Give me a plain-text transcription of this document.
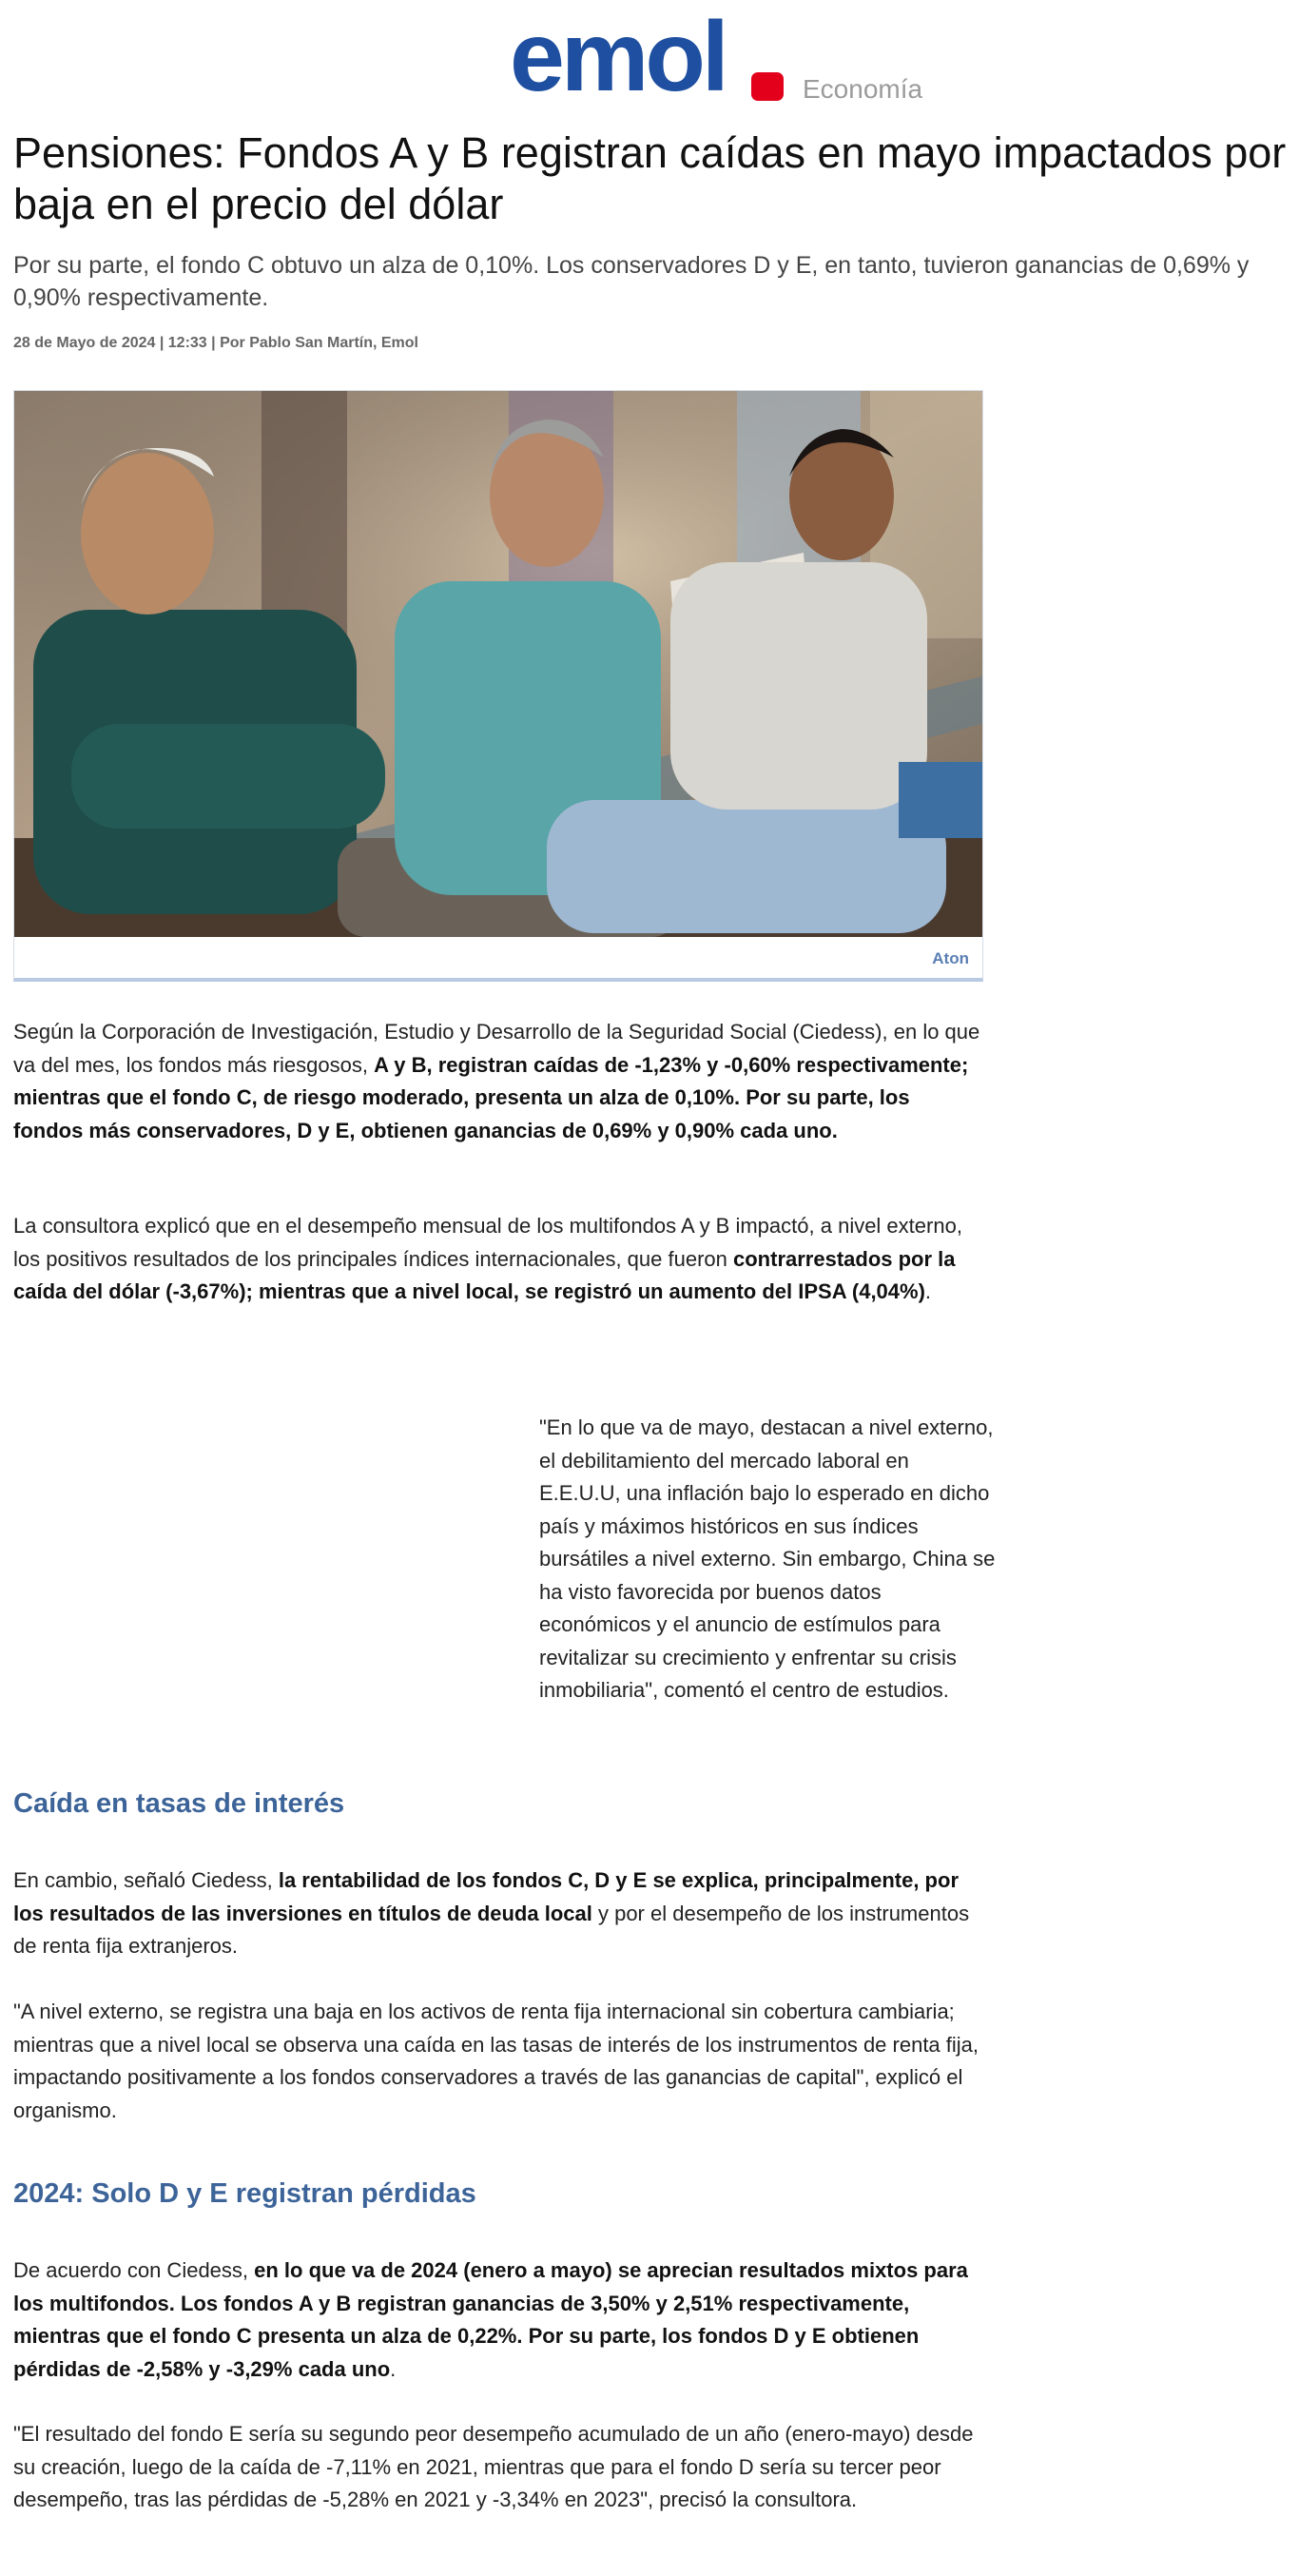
emol	Economía
Pensiones: Fondos A y B registran caídas en mayo impactados por baja en el precio del dólar

Por su parte, el fondo C obtuvo un alza de 0,10%. Los conservadores D y E, en tanto, tuvieron ganancias de 0,69% y 0,90% respectivamente.

28 de Mayo de 2024 | 12:33 | Por Pablo San Martín, Emol
Aton

Según la Corporación de Investigación, Estudio y Desarrollo de la Seguridad Social (Ciedess), en lo que va del mes, los fondos más riesgosos, A y B, registran caídas de -1,23% y -0,60% respectivamente; mientras que el fondo C, de riesgo moderado, presenta un alza de 0,10%. Por su parte, los fondos más conservadores, D y E, obtienen ganancias de 0,69% y 0,90% cada uno.

La consultora explicó que en el desempeño mensual de los multifondos A y B impactó, a nivel externo, los positivos resultados de los principales índices internacionales, que fueron contrarrestados por la caída del dólar (-3,67%); mientras que a nivel local, se registró un aumento del IPSA (4,04%).

"En lo que va de mayo, destacan a nivel externo, el debilitamiento del mercado laboral en E.E.U.U, una inflación bajo lo esperado en dicho país y máximos históricos en sus índices bursátiles a nivel externo. Sin embargo, China se ha visto favorecida por buenos datos económicos y el anuncio de estímulos para revitalizar su crecimiento y enfrentar su crisis inmobiliaria", comentó el centro de estudios.
Caída en tasas de interés

En cambio, señaló Ciedess, la rentabilidad de los fondos C, D y E se explica, principalmente, por los resultados de las inversiones en títulos de deuda local y por el desempeño de los instrumentos de renta fija extranjeros.

"A nivel externo, se registra una baja en los activos de renta fija internacional sin cobertura cambiaria; mientras que a nivel local se observa una caída en las tasas de interés de los instrumentos de renta fija, impactando positivamente a los fondos conservadores a través de las ganancias de capital", explicó el organismo.

2024: Solo D y E registran pérdidas

De acuerdo con Ciedess, en lo que va de 2024 (enero a mayo) se aprecian resultados mixtos para los multifondos. Los fondos A y B registran ganancias de 3,50% y 2,51% respectivamente, mientras que el fondo C presenta un alza de 0,22%. Por su parte, los fondos D y E obtienen pérdidas de -2,58% y -3,29% cada uno.

"El resultado del fondo E sería su segundo peor desempeño acumulado de un año (enero-mayo) desde su creación, luego de la caída de -7,11% en 2021, mientras que para el fondo D sería su tercer peor desempeño, tras las pérdidas de -5,28% en 2021 y -3,34% en 2023", precisó la consultora.
